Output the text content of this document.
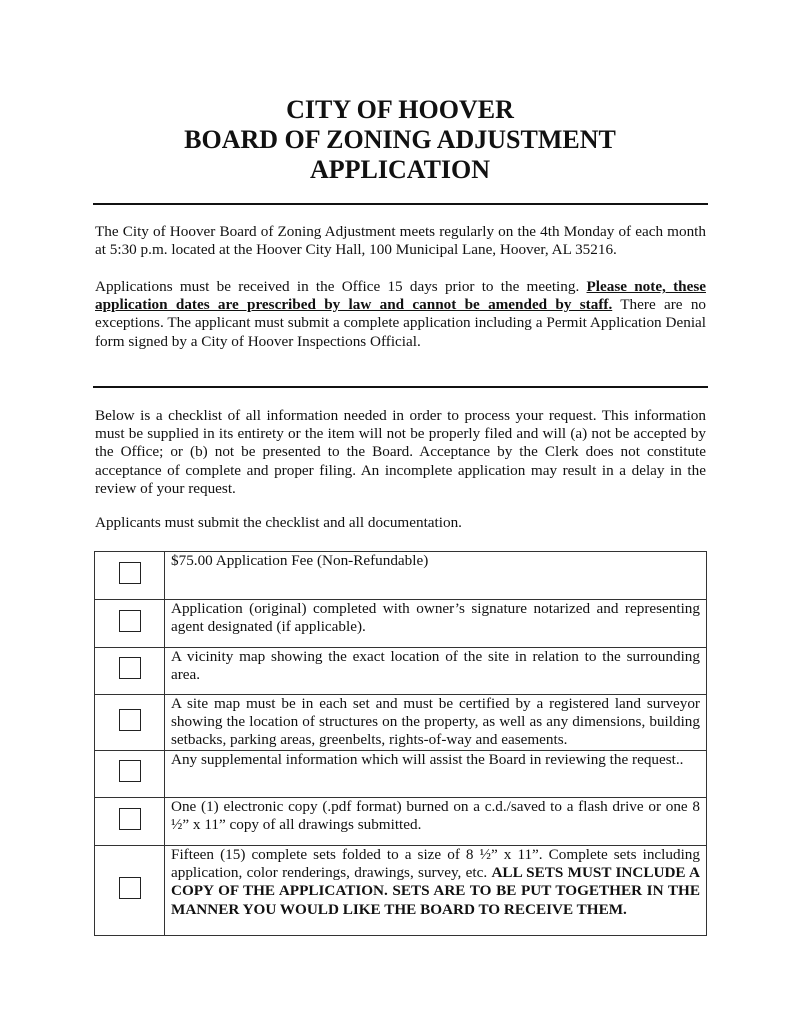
CITY OF HOOVER
BOARD OF ZONING ADJUSTMENT
APPLICATION
The City of Hoover Board of Zoning Adjustment meets regularly on the 4th Monday of each month at 5:30 p.m. located at the Hoover City Hall, 100 Municipal Lane, Hoover, AL 35216.
Applications must be received in the Office 15 days prior to the meeting. Please note, these application dates are prescribed by law and cannot be amended by staff. There are no exceptions. The applicant must submit a complete application including a Permit Application Denial form signed by a City of Hoover Inspections Official.
Below is a checklist of all information needed in order to process your request. This information must be supplied in its entirety or the item will not be properly filed and will (a) not be accepted by the Office; or (b) not be presented to the Board. Acceptance by the Clerk does not constitute acceptance of complete and proper filing. An incomplete application may result in a delay in the review of your request.
Applicants must submit the checklist and all documentation.
	$75.00 Application Fee (Non-Refundable)
	Application (original) completed with owner’s signature notarized and representing agent designated (if applicable).
	A vicinity map showing the exact location of the site in relation to the surrounding area.
	A site map must be in each set and must be certified by a registered land surveyor showing the location of structures on the property, as well as any dimensions, building setbacks, parking areas, greenbelts, rights-of-way and easements.
	Any supplemental information which will assist the Board in reviewing the request..
	One (1) electronic copy (.pdf format) burned on a c.d./saved to a flash drive or one 8 ½” x 11” copy of all drawings submitted.
	Fifteen (15) complete sets folded to a size of 8 ½” x 11”. Complete sets including application, color renderings, drawings, survey, etc. ALL SETS MUST INCLUDE A COPY OF THE APPLICATION. SETS ARE TO BE PUT TOGETHER IN THE MANNER YOU WOULD LIKE THE BOARD TO RECEIVE THEM.
